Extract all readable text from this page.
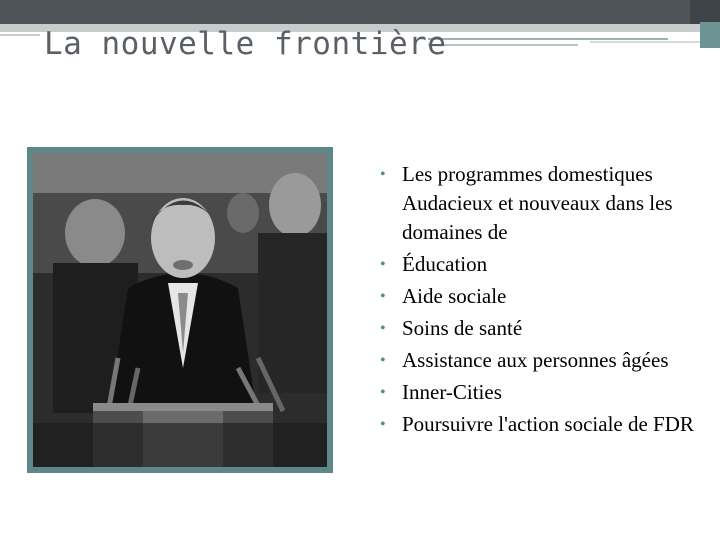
La nouvelle frontière
• Les programmes domestiques Audacieux et nouveaux dans les domaines de
• Éducation
• Aide sociale
• Soins de santé
• Assistance aux personnes âgées
• Inner-Cities
• Poursuivre l'action sociale de FDR
